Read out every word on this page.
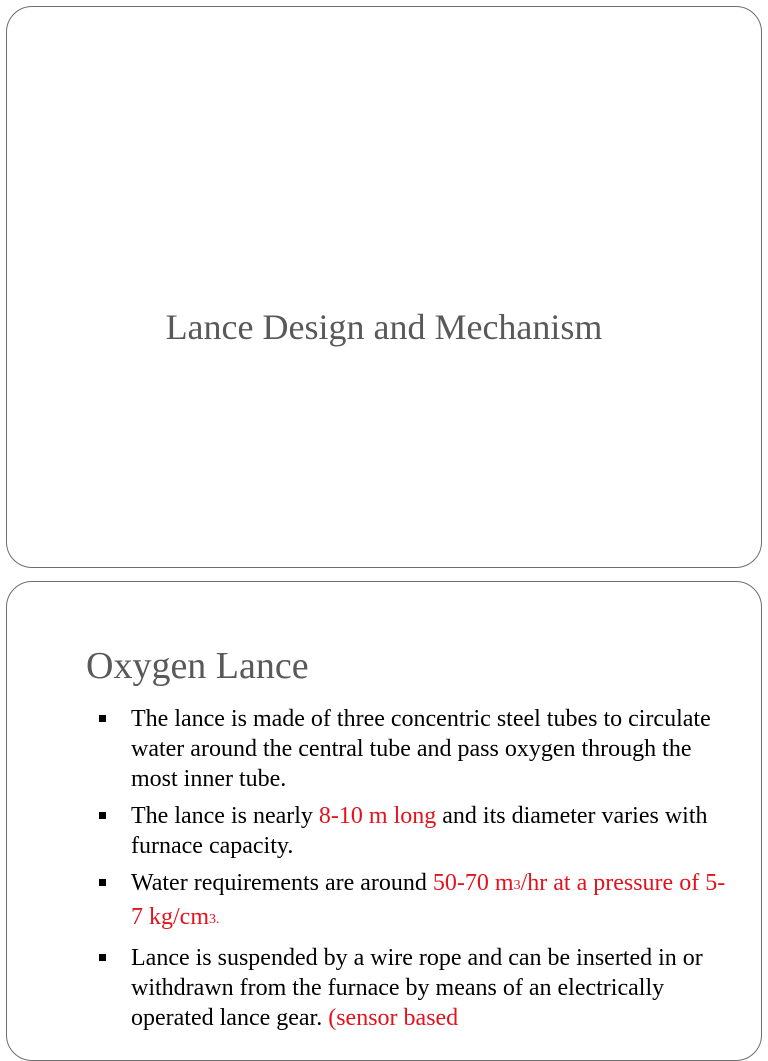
Lance Design and Mechanism
Oxygen Lance
The lance is made of three concentric steel tubes to circulate water around the central tube and pass oxygen through the most inner tube.
The lance is nearly 8-10 m long and its diameter varies with furnace capacity.
Water requirements are around 50-70 m3/hr at a pressure of 5-7 kg/cm3.
Lance is suspended by a wire rope and can be inserted in or withdrawn from the furnace by means of an electrically operated lance gear. (sensor based
